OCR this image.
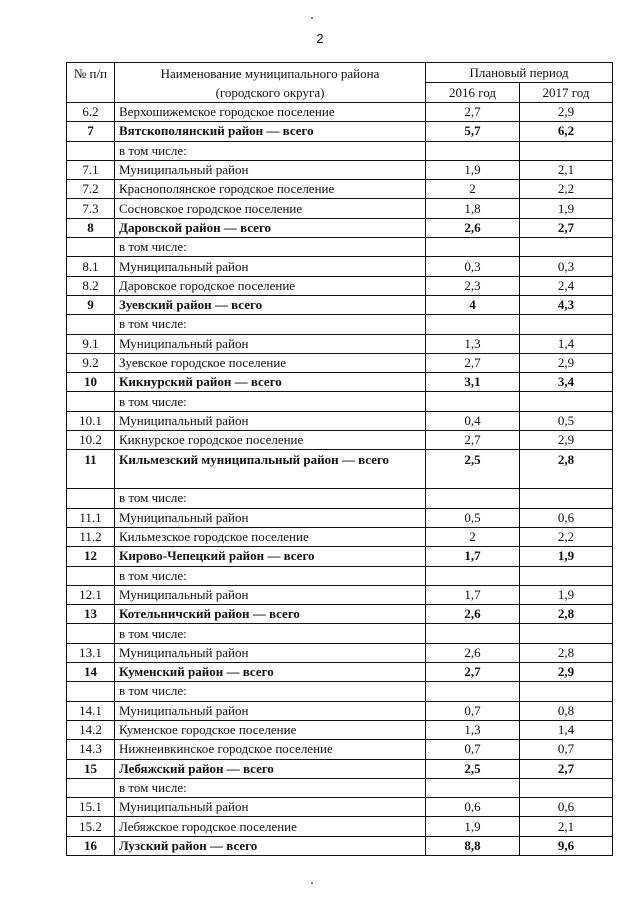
2
№ п/п	Наименование муниципального района
(городского округа)	Плановый период	
		2016 год	2017 год
6.2	Верхошижемское городское поселение	2,7	2,9
7	Вятскополянский район — всего	5,7	6,2
	в том числе:		
7.1	Муниципальный район	1,9	2,1
7.2	Краснополянское городское поселение	2	2,2
7.3	Сосновское городское поселение	1,8	1,9
8	Даровской район — всего	2,6	2,7
	в том числе:		
8.1	Муниципальный район	0,3	0,3
8.2	Даровское городское поселение	2,3	2,4
9	Зуевский район — всего	4	4,3
	в том числе:		
9.1	Муниципальный район	1,3	1,4
9.2	Зуевское городское поселение	2,7	2,9
10	Кикнурский район — всего	3,1	3,4
	в том числе:		
10.1	Муниципальный район	0,4	0,5
10.2	Кикнурское городское поселение	2,7	2,9
11	Кильмезский муниципальный район — всего	2,5	2,8
	в том числе:		
11.1	Муниципальный район	0,5	0,6
11.2	Кильмезское городское поселение	2	2,2
12	Кирово-Чепецкий район — всего	1,7	1,9
	в том числе:		
12.1	Муниципальный район	1,7	1,9
13	Котельничский район — всего	2,6	2,8
	в том числе:		
13.1	Муниципальный район	2,6	2,8
14	Куменский район — всего	2,7	2,9
	в том числе:		
14.1	Муниципальный район	0,7	0,8
14.2	Куменское городское поселение	1,3	1,4
14.3	Нижнеивкинское городское поселение	0,7	0,7
15	Лебяжский район — всего	2,5	2,7
	в том числе:		
15.1	Муниципальный район	0,6	0,6
15.2	Лебяжское городское поселение	1,9	2,1
16	Лузский район — всего	8,8	9,6
